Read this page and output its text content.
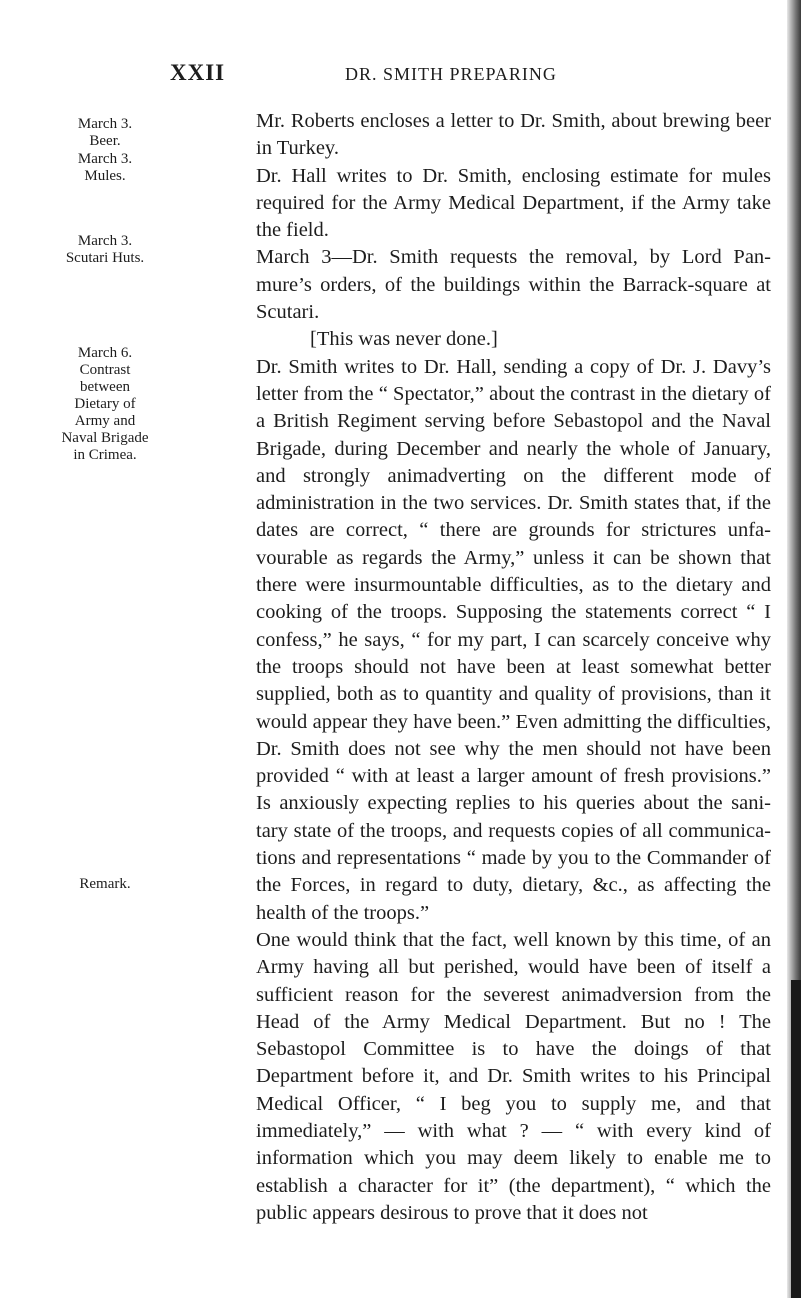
XXII	DR. SMITH PREPARING
March 3.
Beer.
March 3.
Mules.
March 3.
Scutari Huts.
March 6.
Contrast
between
Dietary of
Army and
Naval Brigade
in Crimea.
Remark.

Mr. Roberts encloses a letter to Dr. Smith, about brewing beer in Turkey.

Dr. Hall writes to Dr. Smith, enclosing estimate for mules required for the Army Medical Department, if the Army take the field.

March 3—Dr. Smith requests the removal, by Lord Pan-mure’s orders, of the buildings within the Barrack-square at Scutari.

[This was never done.]

Dr. Smith writes to Dr. Hall, sending a copy of Dr. J. Davy’s letter from the “ Spectator,” about the contrast in the dietary of a British Regiment serving before Sebastopol and the Naval Brigade, during December and nearly the whole of January, and strongly animadverting on the different mode of administration in the two services. Dr. Smith states that, if the dates are correct, “ there are grounds for strictures unfa-vourable as regards the Army,” unless it can be shown that there were insurmountable difficulties, as to the dietary and cooking of the troops. Supposing the statements correct “ I confess,” he says, “ for my part, I can scarcely conceive why the troops should not have been at least somewhat better supplied, both as to quantity and quality of provisions, than it would appear they have been.” Even admitting the difficulties, Dr. Smith does not see why the men should not have been provided “ with at least a larger amount of fresh provisions.” Is anxiously expecting replies to his queries about the sani-tary state of the troops, and requests copies of all communica-tions and representations “ made by you to the Commander of the Forces, in regard to duty, dietary, &c., as affecting the health of the troops.”

One would think that the fact, well known by this time, of an Army having all but perished, would have been of itself a sufficient reason for the severest animadversion from the Head of the Army Medical Department. But no ! The Sebastopol Committee is to have the doings of that Department before it, and Dr. Smith writes to his Principal Medical Officer, “ I beg you to supply me, and that immediately,” — with what ? — “ with every kind of information which you may deem likely to enable me to establish a character for it” (the department), “ which the public appears desirous to prove that it does not
